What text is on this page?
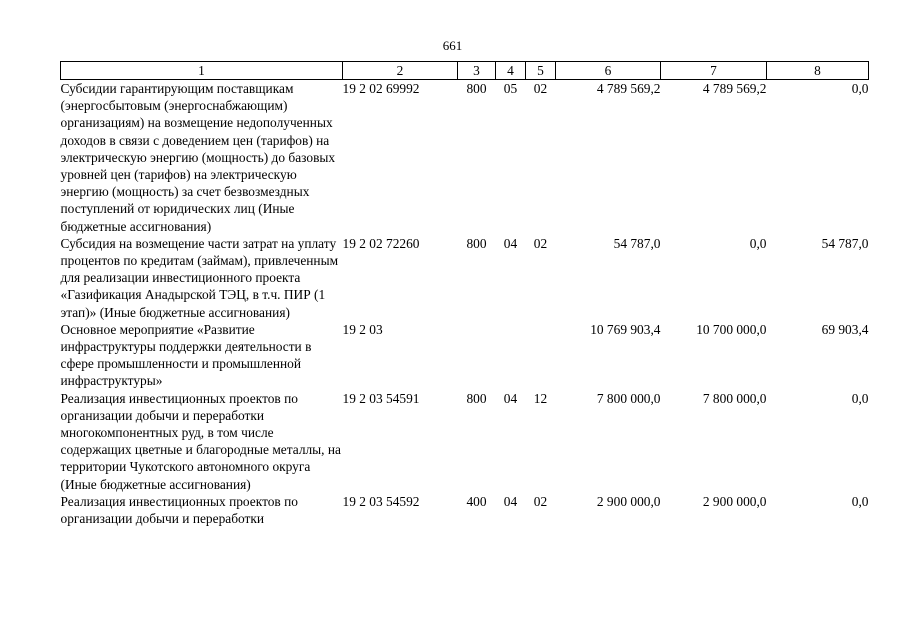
661
1	2	3	4	5	6	7	8
Субсидии гарантирующим поставщикам (энергосбытовым (энергоснабжающим) организациям) на возмещение недополученных доходов в связи с доведением цен (тарифов) на электрическую энергию (мощность) до базовых уровней цен (тарифов) на электрическую энергию (мощность) за счет безвозмездных поступлений от юридических лиц (Иные бюджетные ассигнования)	19 2 02 69992	800	05	02	4 789 569,2	4 789 569,2	0,0
Субсидия на возмещение части затрат на уплату процентов по кредитам (займам), привлеченным для реализации инвестиционного проекта «Газификация Анадырской ТЭЦ, в т.ч. ПИР (1 этап)» (Иные бюджетные ассигнования)	19 2 02 72260	800	04	02	54 787,0	0,0	54 787,0
Основное мероприятие «Развитие инфраструктуры поддержки деятельности в сфере промышленности и промышленной инфраструктуры»	19 2 03				10 769 903,4	10 700 000,0	69 903,4
Реализация инвестиционных проектов по организации добычи и переработки многокомпонентных руд, в том числе содержащих цветные и благородные металлы, на территории Чукотского автономного округа (Иные бюджетные ассигнования)	19 2 03 54591	800	04	12	7 800 000,0	7 800 000,0	0,0
Реализация инвестиционных проектов по организации добычи и переработки	19 2 03 54592	400	04	02	2 900 000,0	2 900 000,0	0,0
